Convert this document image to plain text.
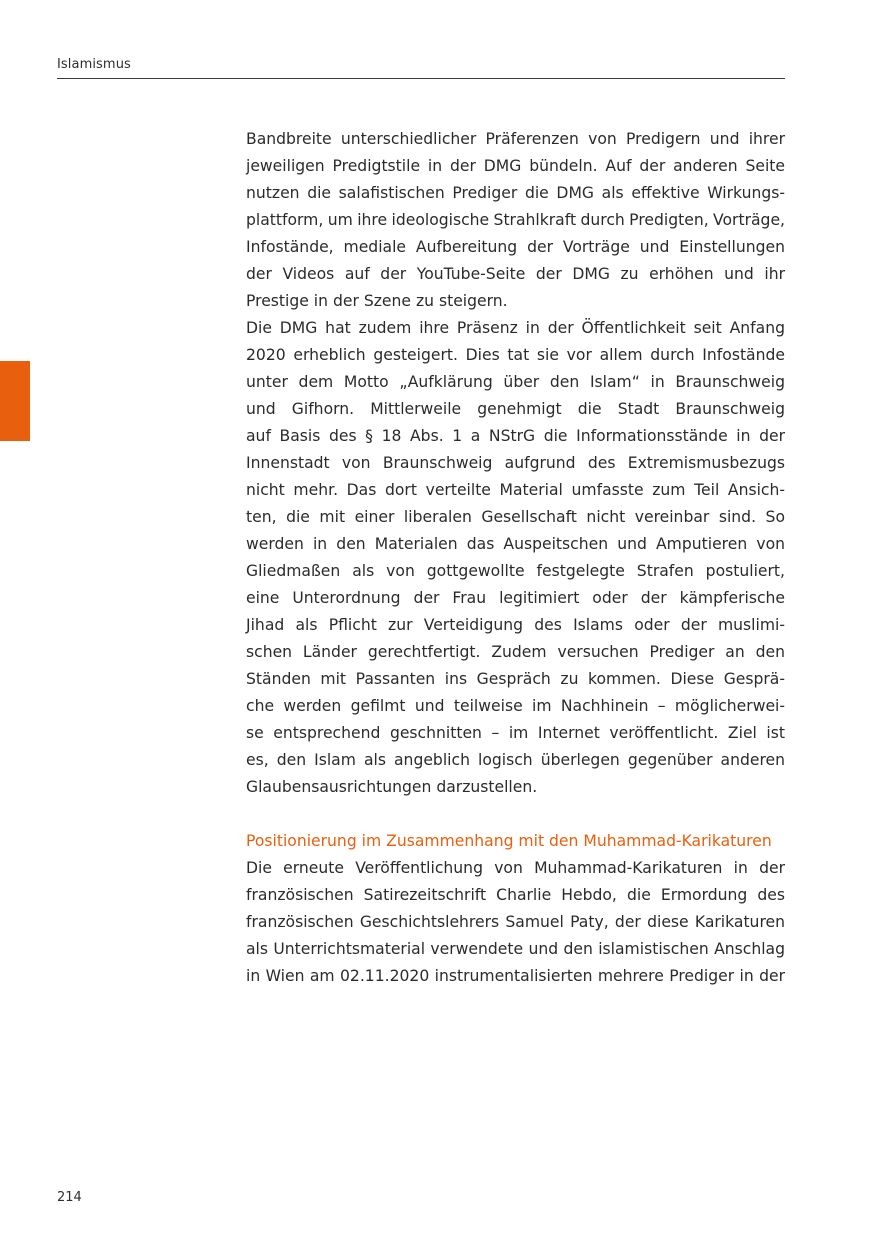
Islamismus
Bandbreite unterschiedlicher Präferenzen von Predigern und ihrer
jeweiligen Predigtstile in der DMG bündeln. Auf der anderen Seite
nutzen die salafistischen Prediger die DMG als effektive Wirkungs-
plattform, um ihre ideologische Strahlkraft durch Predigten, Vorträge,
Infostände, mediale Aufbereitung der Vorträge und Einstellungen
der Videos auf der YouTube-Seite der DMG zu erhöhen und ihr
Prestige in der Szene zu steigern.
Die DMG hat zudem ihre Präsenz in der Öffentlichkeit seit Anfang
2020 erheblich gesteigert. Dies tat sie vor allem durch Infostände
unter dem Motto „Aufklärung über den Islam“ in Braunschweig
und Gifhorn. Mittlerweile genehmigt die Stadt Braunschweig
auf Basis des § 18 Abs. 1 a NStrG die Informationsstände in der
Innenstadt von Braunschweig aufgrund des Extremismusbezugs
nicht mehr. Das dort verteilte Material umfasste zum Teil Ansich-
ten, die mit einer liberalen Gesellschaft nicht vereinbar sind. So
werden in den Materialen das Auspeitschen und Amputieren von
Gliedmaßen als von gottgewollte festgelegte Strafen postuliert,
eine Unterordnung der Frau legitimiert oder der kämpferische
Jihad als Pflicht zur Verteidigung des Islams oder der muslimi-
schen Länder gerechtfertigt. Zudem versuchen Prediger an den
Ständen mit Passanten ins Gespräch zu kommen. Diese Gesprä-
che werden gefilmt und teilweise im Nachhinein – möglicherwei-
se entsprechend geschnitten – im Internet veröffentlicht. Ziel ist
es, den Islam als angeblich logisch überlegen gegenüber anderen
Glaubensausrichtungen darzustellen.
Positionierung im Zusammenhang mit den Muhammad-Karikaturen
Die erneute Veröffentlichung von Muhammad-Karikaturen in der
französischen Satirezeitschrift Charlie Hebdo, die Ermordung des
französischen Geschichtslehrers Samuel Paty, der diese Karikaturen
als Unterrichtsmaterial verwendete und den islamistischen Anschlag
in Wien am 02.11.2020 instrumentalisierten mehrere Prediger in der
214
